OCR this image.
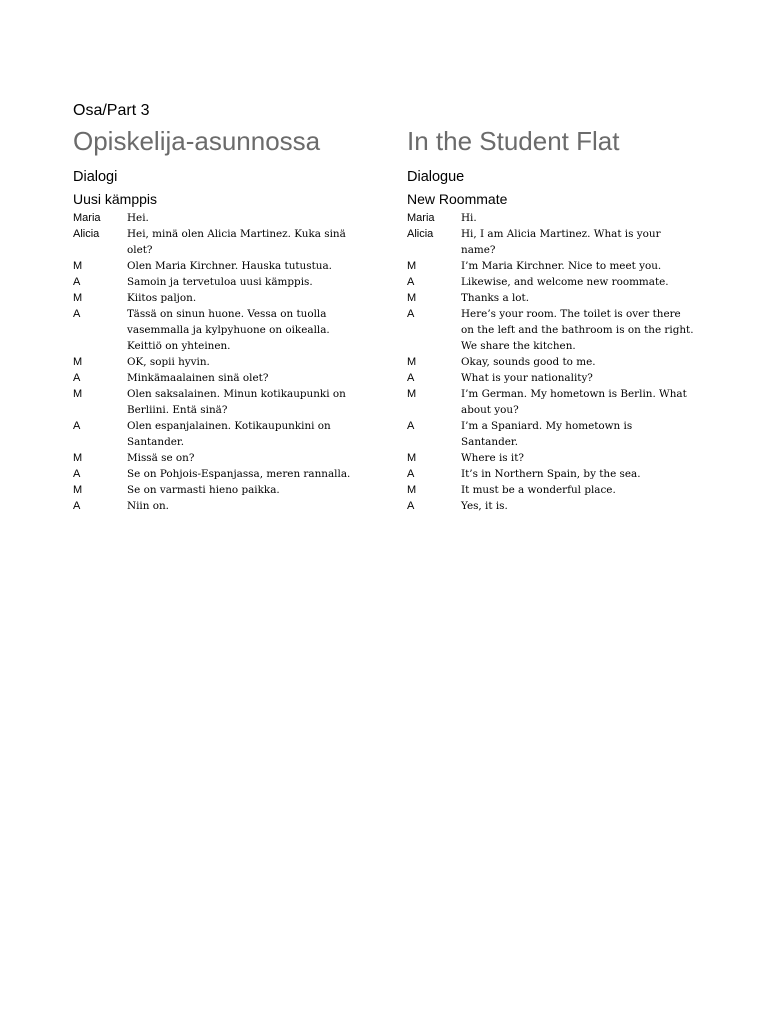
Osa/Part 3
Opiskelija-asunnossa
Dialogi
Uusi kämppis
Maria	Hei.
Alicia	Hei, minä olen Alicia Martinez. Kuka sinä
olet?
M	Olen Maria Kirchner. Hauska tutustua.
A	Samoin ja tervetuloa uusi kämppis.
M	Kiitos paljon.
A	Tässä on sinun huone. Vessa on tuolla
vasemmalla ja kylpyhuone on oikealla.
Keittiö on yhteinen.
M	OK, sopii hyvin.
A	Minkämaalainen sinä olet?
M	Olen saksalainen. Minun kotikaupunki on
Berliini. Entä sinä?
A	Olen espanjalainen. Kotikaupunkini on
Santander.
M	Missä se on?
A	Se on Pohjois-Espanjassa, meren rannalla.
M	Se on varmasti hieno paikka.
A	Niin on.
In the Student Flat
Dialogue
New Roommate
Maria	Hi.
Alicia	Hi, I am Alicia Martinez. What is your
name?
M	I’m Maria Kirchner. Nice to meet you.
A	Likewise, and welcome new roommate.
M	Thanks a lot.
A	Here’s your room. The toilet is over there
on the left and the bathroom is on the right.
We share the kitchen.
M	Okay, sounds good to me.
A	What is your nationality?
M	I’m German. My hometown is Berlin. What
about you?
A	I’m a Spaniard. My hometown is
Santander.
M	Where is it?
A	It’s in Northern Spain, by the sea.
M	It must be a wonderful place.
A	Yes, it is.
